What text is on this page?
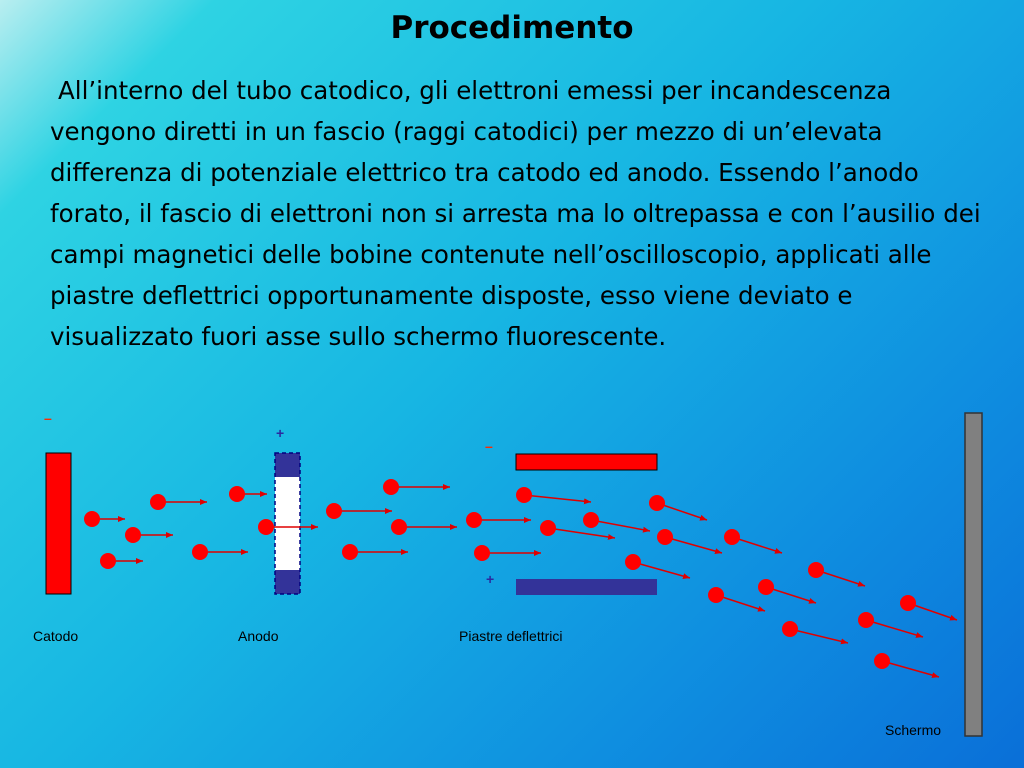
Procedimento

All’interno del tubo catodico, gli elettroni emessi per incandescenza vengono diretti in un fascio (raggi catodici) per mezzo di un’elevata differenza di potenziale elettrico tra catodo ed anodo. Essendo l’anodo forato, il fascio di elettroni non si arresta ma lo oltrepassa e con l’ausilio dei campi magnetici delle bobine contenute nell’oscilloscopio, applicati alle piastre deflettrici opportunamente disposte, esso viene deviato e visualizzato fuori asse sullo schermo fluorescente.

–
+
–
+
Catodo	Anodo	Piastre deflettrici
Schermo
